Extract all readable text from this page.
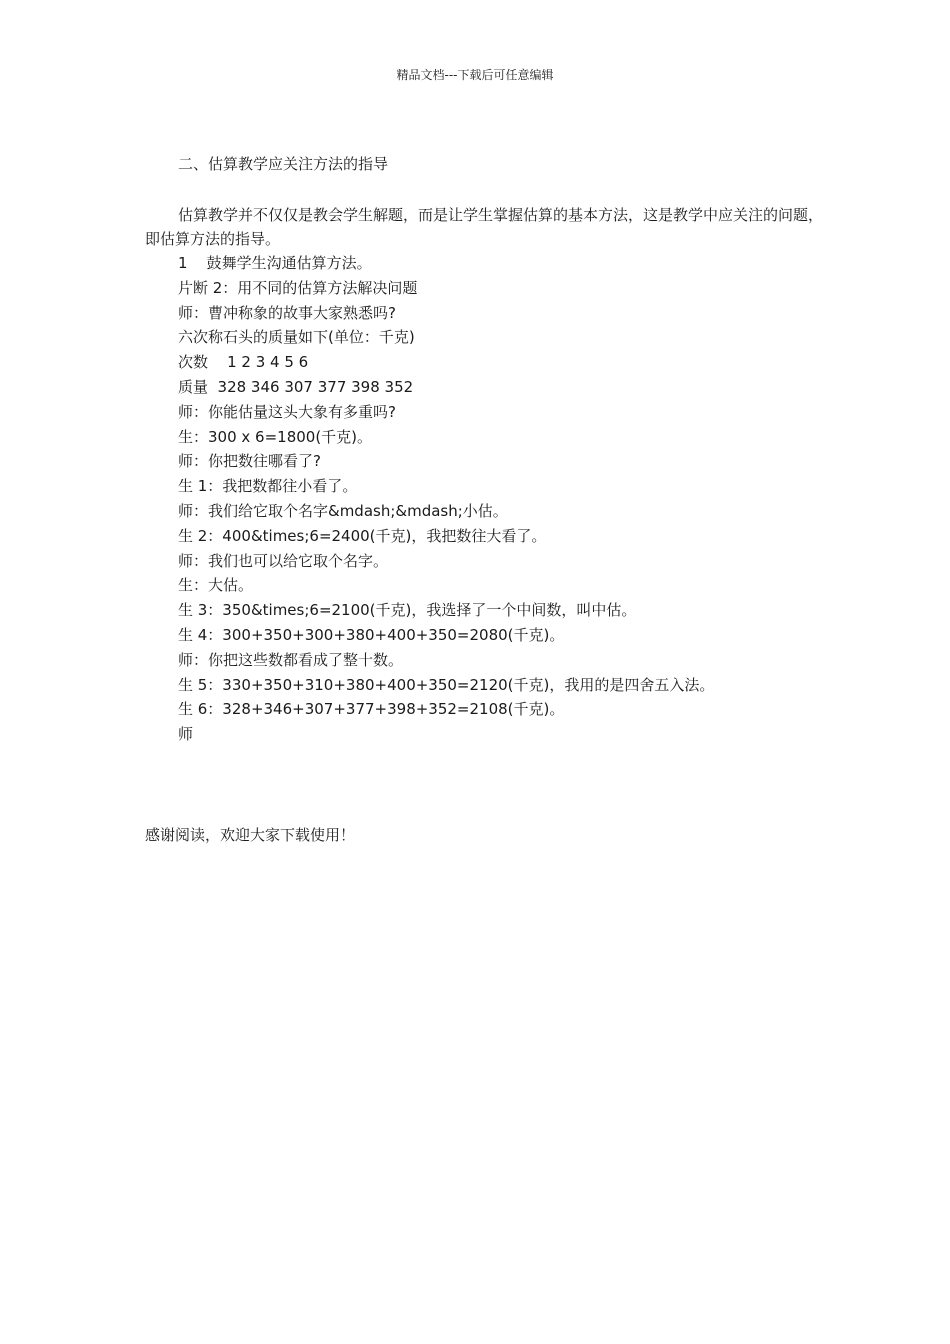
精品文档---下载后可任意编辑
二、估算教学应关注方法的指导
估算教学并不仅仅是教会学生解题，而是让学生掌握估算的基本方法，这是教学中应关注的问题，即估算方法的指导。
1    鼓舞学生沟通估算方法。
片断 2：用不同的估算方法解决问题
师：曹冲称象的故事大家熟悉吗?
六次称石头的质量如下(单位：千克)
次数    1 2 3 4 5 6
质量  328 346 307 377 398 352
师：你能估量这头大象有多重吗?
生：300 x 6=1800(千克)。
师：你把数往哪看了?
生 1：我把数都往小看了。
师：我们给它取个名字&mdash;&mdash;小估。
生 2：400&times;6=2400(千克)，我把数往大看了。
师：我们也可以给它取个名字。
生：大估。
生 3：350&times;6=2100(千克)，我选择了一个中间数，叫中估。
生 4：300+350+300+380+400+350=2080(千克)。
师：你把这些数都看成了整十数。
生 5：330+350+310+380+400+350=2120(千克)，我用的是四舍五入法。
生 6：328+346+307+377+398+352=2108(千克)。
师
感谢阅读，欢迎大家下载使用！
